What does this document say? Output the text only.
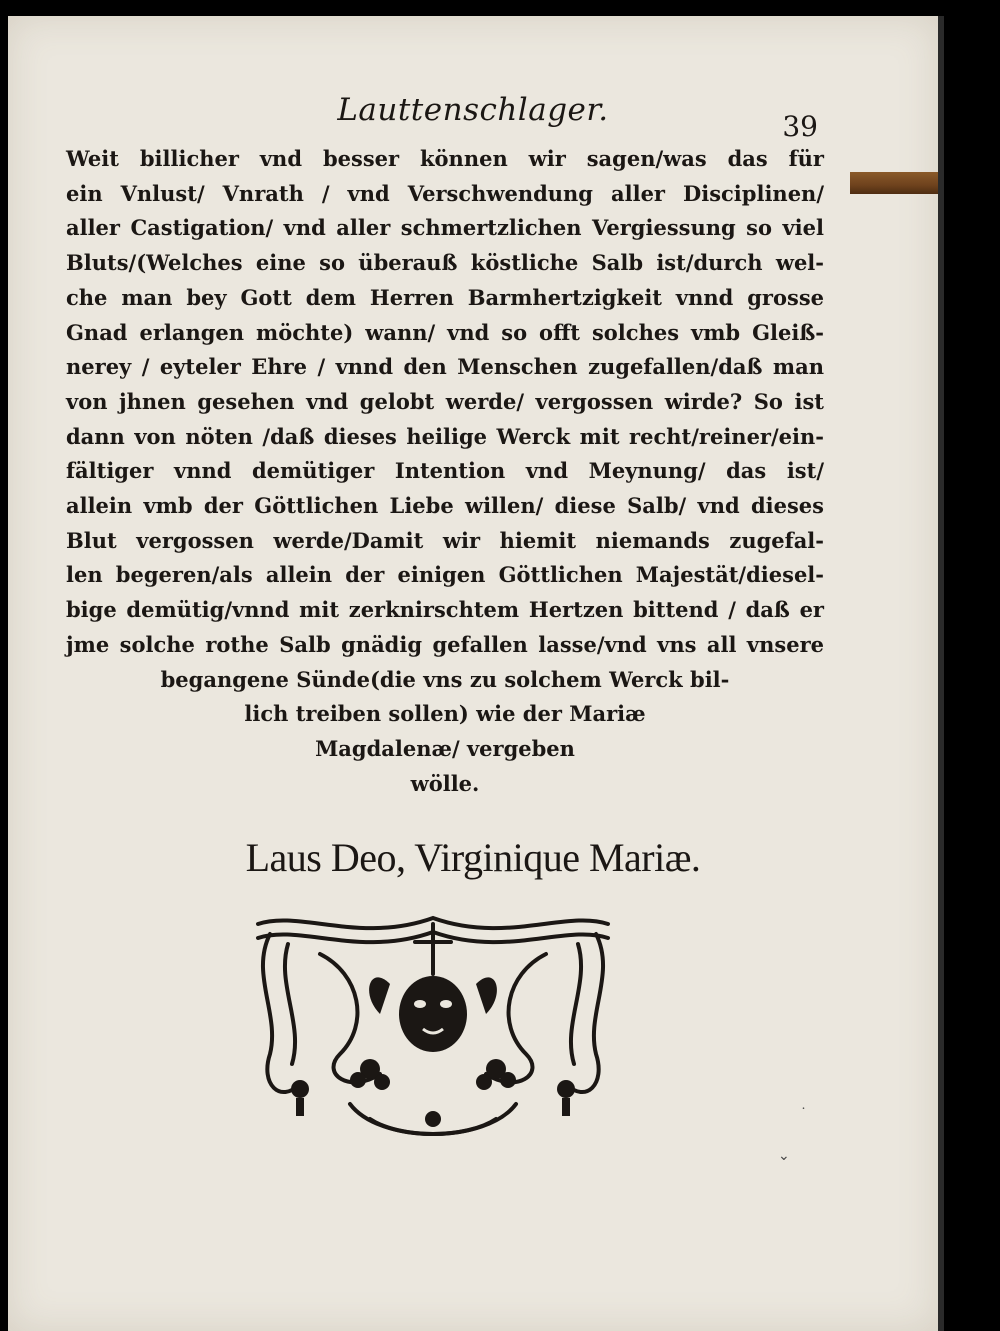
Lauttenschlager.	39
Weit billicher vnd besser können wir sagen/was das für
ein Vnlust/ Vnrath / vnd Verschwendung aller Disciplinen/
aller Castigation/ vnd aller schmertzlichen Vergiessung so viel
Bluts/(Welches eine so überauß köstliche Salb ist/durch wel-
che man bey Gott dem Herren Barmhertzigkeit vnnd grosse
Gnad erlangen möchte) wann/ vnd so offt solches vmb Gleiß-
nerey / eyteler Ehre / vnnd den Menschen zugefallen/daß man
von jhnen gesehen vnd gelobt werde/ vergossen wirde? So ist
dann von nöten /daß dieses heilige Werck mit recht/reiner/ein-
fältiger vnnd demütiger Intention vnd Meynung/ das ist/
allein vmb der Göttlichen Liebe willen/ diese Salb/ vnd dieses
Blut vergossen werde/Damit wir hiemit niemands zugefal-
len begeren/als allein der einigen Göttlichen Majestät/diesel-
bige demütig/vnnd mit zerknirschtem Hertzen bittend / daß er
jme solche rothe Salb gnädig gefallen lasse/vnd vns all vnsere
begangene Sünde(die vns zu solchem Werck bil-
lich treiben sollen) wie der Mariæ
Magdalenæ/ vergeben
wölle.
Laus Deo, Virginique Mariæ.
˙
⌄
